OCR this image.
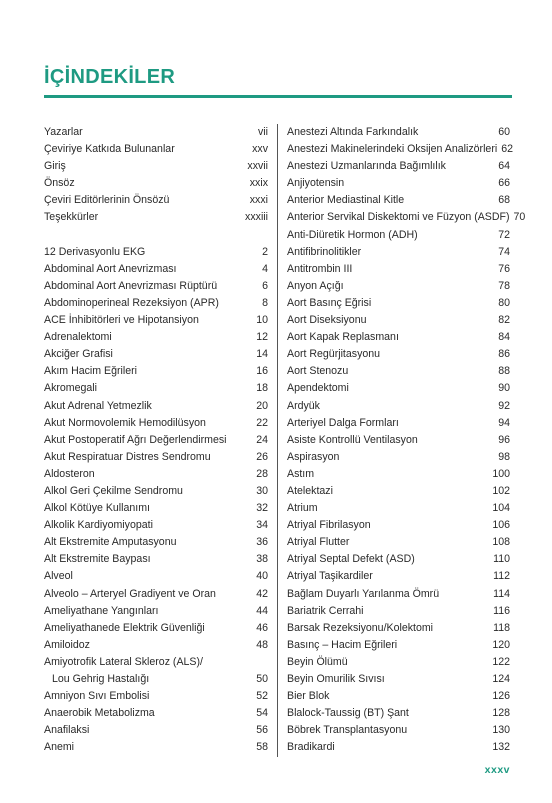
İÇİNDEKİLER
Yazarlar	vii
Çeviriye Katkıda Bulunanlar	xxv
Giriş	xxvii
Önsöz	xxix
Çeviri Editörlerinin Önsözü	xxxi
Teşekkürler	xxxiii
12 Derivasyonlu EKG	2
Abdominal Aort Anevrizması	4
Abdominal Aort Anevrizması Rüptürü	6
Abdominoperineal Rezeksiyon (APR)	8
ACE İnhibitörleri ve Hipotansiyon	10
Adrenalektomi	12
Akciğer Grafisi	14
Akım Hacim Eğrileri	16
Akromegali	18
Akut Adrenal Yetmezlik	20
Akut Normovolemik Hemodilüsyon	22
Akut Postoperatif Ağrı Değerlendirmesi	24
Akut Respiratuar Distres Sendromu	26
Aldosteron	28
Alkol Geri Çekilme Sendromu	30
Alkol Kötüye Kullanımı	32
Alkolik Kardiyomiyopati	34
Alt Ekstremite Amputasyonu	36
Alt Ekstremite Baypası	38
Alveol	40
Alveolo – Arteryel Gradiyent ve Oran	42
Ameliyathane Yangınları	44
Ameliyathanede Elektrik Güvenliği	46
Amiloidoz	48
Amiyotrofik Lateral Skleroz (ALS)/
Lou Gehrig Hastalığı	50
Amniyon Sıvı Embolisi	52
Anaerobik Metabolizma	54
Anafilaksi	56
Anemi	58
Anestezi Altında Farkındalık	60
Anestezi Makinelerindeki Oksijen Analizörleri 62
Anestezi Uzmanlarında Bağımlılık	64
Anjiyotensin	66
Anterior Mediastinal Kitle	68
Anterior Servikal Diskektomi ve Füzyon (ASDF) 70
Anti-Diüretik Hormon (ADH)	72
Antifibrinolitikler	74
Antitrombin III	76
Anyon Açığı	78
Aort Basınç Eğrisi	80
Aort Diseksiyonu	82
Aort Kapak Replasmanı	84
Aort Regürjitasyonu	86
Aort Stenozu	88
Apendektomi	90
Ardyük	92
Arteriyel Dalga Formları	94
Asiste Kontrollü Ventilasyon	96
Aspirasyon	98
Astım	100
Atelektazi	102
Atrium	104
Atriyal Fibrilasyon	106
Atriyal Flutter	108
Atriyal Septal Defekt (ASD)	110
Atriyal Taşikardiler	112
Bağlam Duyarlı Yarılanma Ömrü	114
Bariatrik Cerrahi	116
Barsak Rezeksiyonu/Kolektomi	118
Basınç – Hacim Eğrileri	120
Beyin Ölümü	122
Beyin Omurilik Sıvısı	124
Bier Blok	126
Blalock-Taussig (BT) Şant	128
Böbrek Transplantasyonu	130
Bradikardi	132
xxxv
